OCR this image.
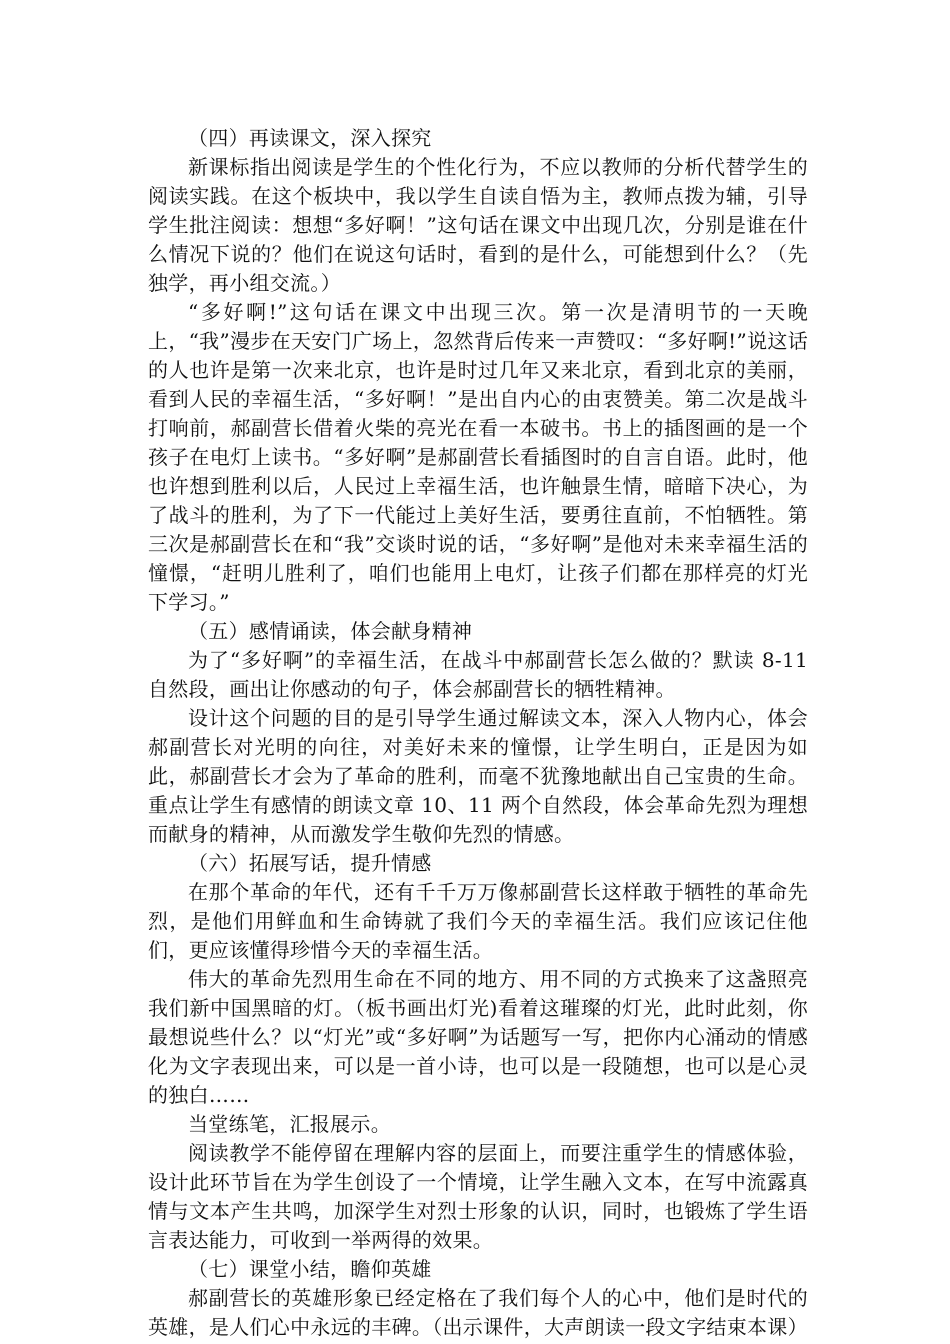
（四）再读课文，深入探究

新课标指出阅读是学生的个性化行为，不应以教师的分析代替学生的阅读实践。在这个板块中，我以学生自读自悟为主，教师点拨为辅，引导学生批注阅读：想想“多好啊！”这句话在课文中出现几次，分别是谁在什么情况下说的？他们在说这句话时，看到的是什么，可能想到什么？（先独学，再小组交流。）

“多好啊!”这句话在课文中出现三次。第一次是清明节的一天晚上，“我”漫步在天安门广场上，忽然背后传来一声赞叹：“多好啊!”说这话的人也许是第一次来北京，也许是时过几年又来北京，看到北京的美丽，看到人民的幸福生活，“多好啊！”是出自内心的由衷赞美。第二次是战斗打响前，郝副营长借着火柴的亮光在看一本破书。书上的插图画的是一个孩子在电灯上读书。“多好啊”是郝副营长看插图时的自言自语。此时，他也许想到胜利以后，人民过上幸福生活，也许触景生情，暗暗下决心，为了战斗的胜利，为了下一代能过上美好生活，要勇往直前，不怕牺牲。第三次是郝副营长在和“我”交谈时说的话，“多好啊”是他对未来幸福生活的憧憬，“赶明儿胜利了，咱们也能用上电灯，让孩子们都在那样亮的灯光下学习。”

（五）感情诵读，体会献身精神

为了“多好啊”的幸福生活，在战斗中郝副营长怎么做的？默读 8-11 自然段，画出让你感动的句子，体会郝副营长的牺牲精神。

设计这个问题的目的是引导学生通过解读文本，深入人物内心，体会郝副营长对光明的向往，对美好未来的憧憬，让学生明白，正是因为如此，郝副营长才会为了革命的胜利，而毫不犹豫地献出自己宝贵的生命。重点让学生有感情的朗读文章 10、11 两个自然段，体会革命先烈为理想而献身的精神，从而激发学生敬仰先烈的情感。

（六）拓展写话，提升情感

在那个革命的年代，还有千千万万像郝副营长这样敢于牺牲的革命先烈，是他们用鲜血和生命铸就了我们今天的幸福生活。我们应该记住他们，更应该懂得珍惜今天的幸福生活。

伟大的革命先烈用生命在不同的地方、用不同的方式换来了这盏照亮我们新中国黑暗的灯。（板书画出灯光)看着这璀璨的灯光，此时此刻，你最想说些什么？以“灯光”或“多好啊”为话题写一写，把你内心涌动的情感化为文字表现出来，可以是一首小诗，也可以是一段随想，也可以是心灵的独白……

当堂练笔，汇报展示。

阅读教学不能停留在理解内容的层面上，而要注重学生的情感体验，设计此环节旨在为学生创设了一个情境，让学生融入文本，在写中流露真情与文本产生共鸣，加深学生对烈士形象的认识，同时，也锻炼了学生语言表达能力，可收到一举两得的效果。

（七）课堂小结，瞻仰英雄

郝副营长的英雄形象已经定格在了我们每个人的心中，他们是时代的英雄，是人们心中永远的丰碑。（出示课件，大声朗读一段文字结束本课）
